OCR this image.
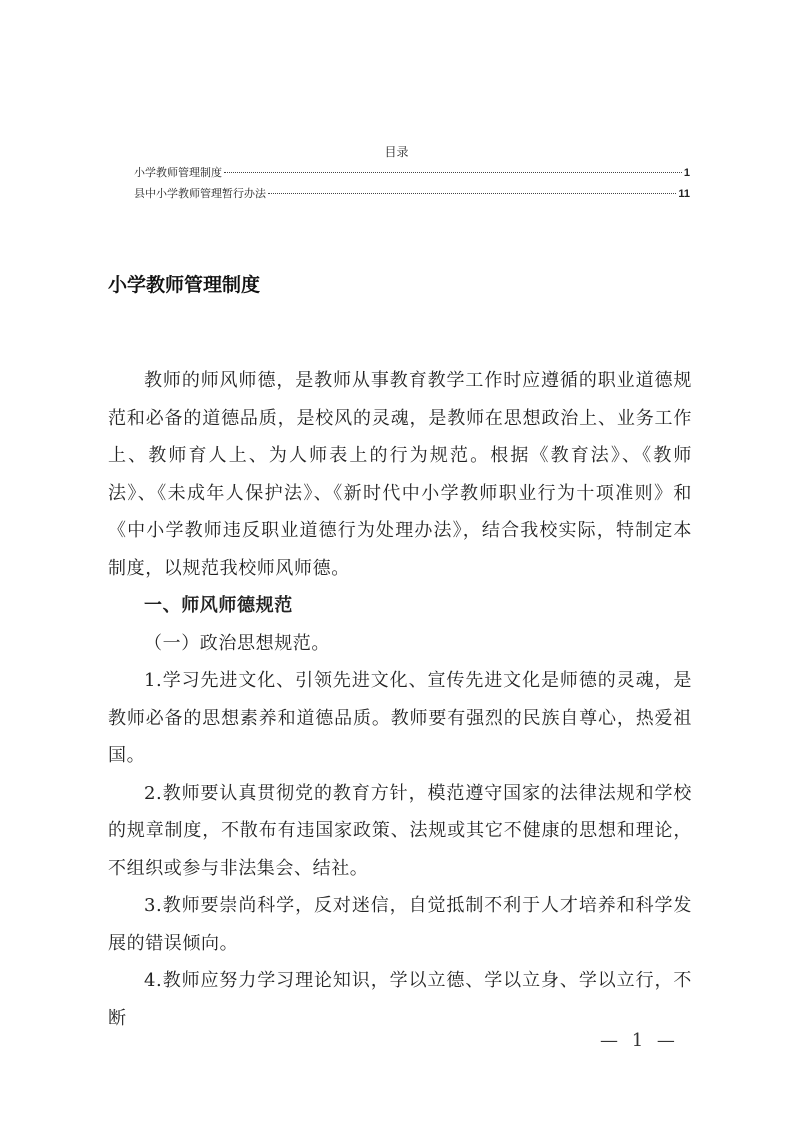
目录
小学教师管理制度	1
县中小学教师管理暂行办法	11
小学教师管理制度

教师的师风师德，是教师从事教育教学工作时应遵循的职业道德规范和必备的道德品质，是校风的灵魂，是教师在思想政治上、业务工作上、教师育人上、为人师表上的行为规范。根据《教育法》、《教师法》、《未成年人保护法》、《新时代中小学教师职业行为十项准则》和《中小学教师违反职业道德行为处理办法》，结合我校实际，特制定本制度，以规范我校师风师德。

一、师风师德规范
（一）政治思想规范。

1.学习先进文化、引领先进文化、宣传先进文化是师德的灵魂，是教师必备的思想素养和道德品质。教师要有强烈的民族自尊心，热爱祖国。

2.教师要认真贯彻党的教育方针，模范遵守国家的法律法规和学校的规章制度，不散布有违国家政策、法规或其它不健康的思想和理论，不组织或参与非法集会、结社。

3.教师要崇尚科学，反对迷信，自觉抵制不利于人才培养和科学发展的错误倾向。

4.教师应努力学习理论知识，学以立德、学以立身、学以立行，不断

— 1 —
